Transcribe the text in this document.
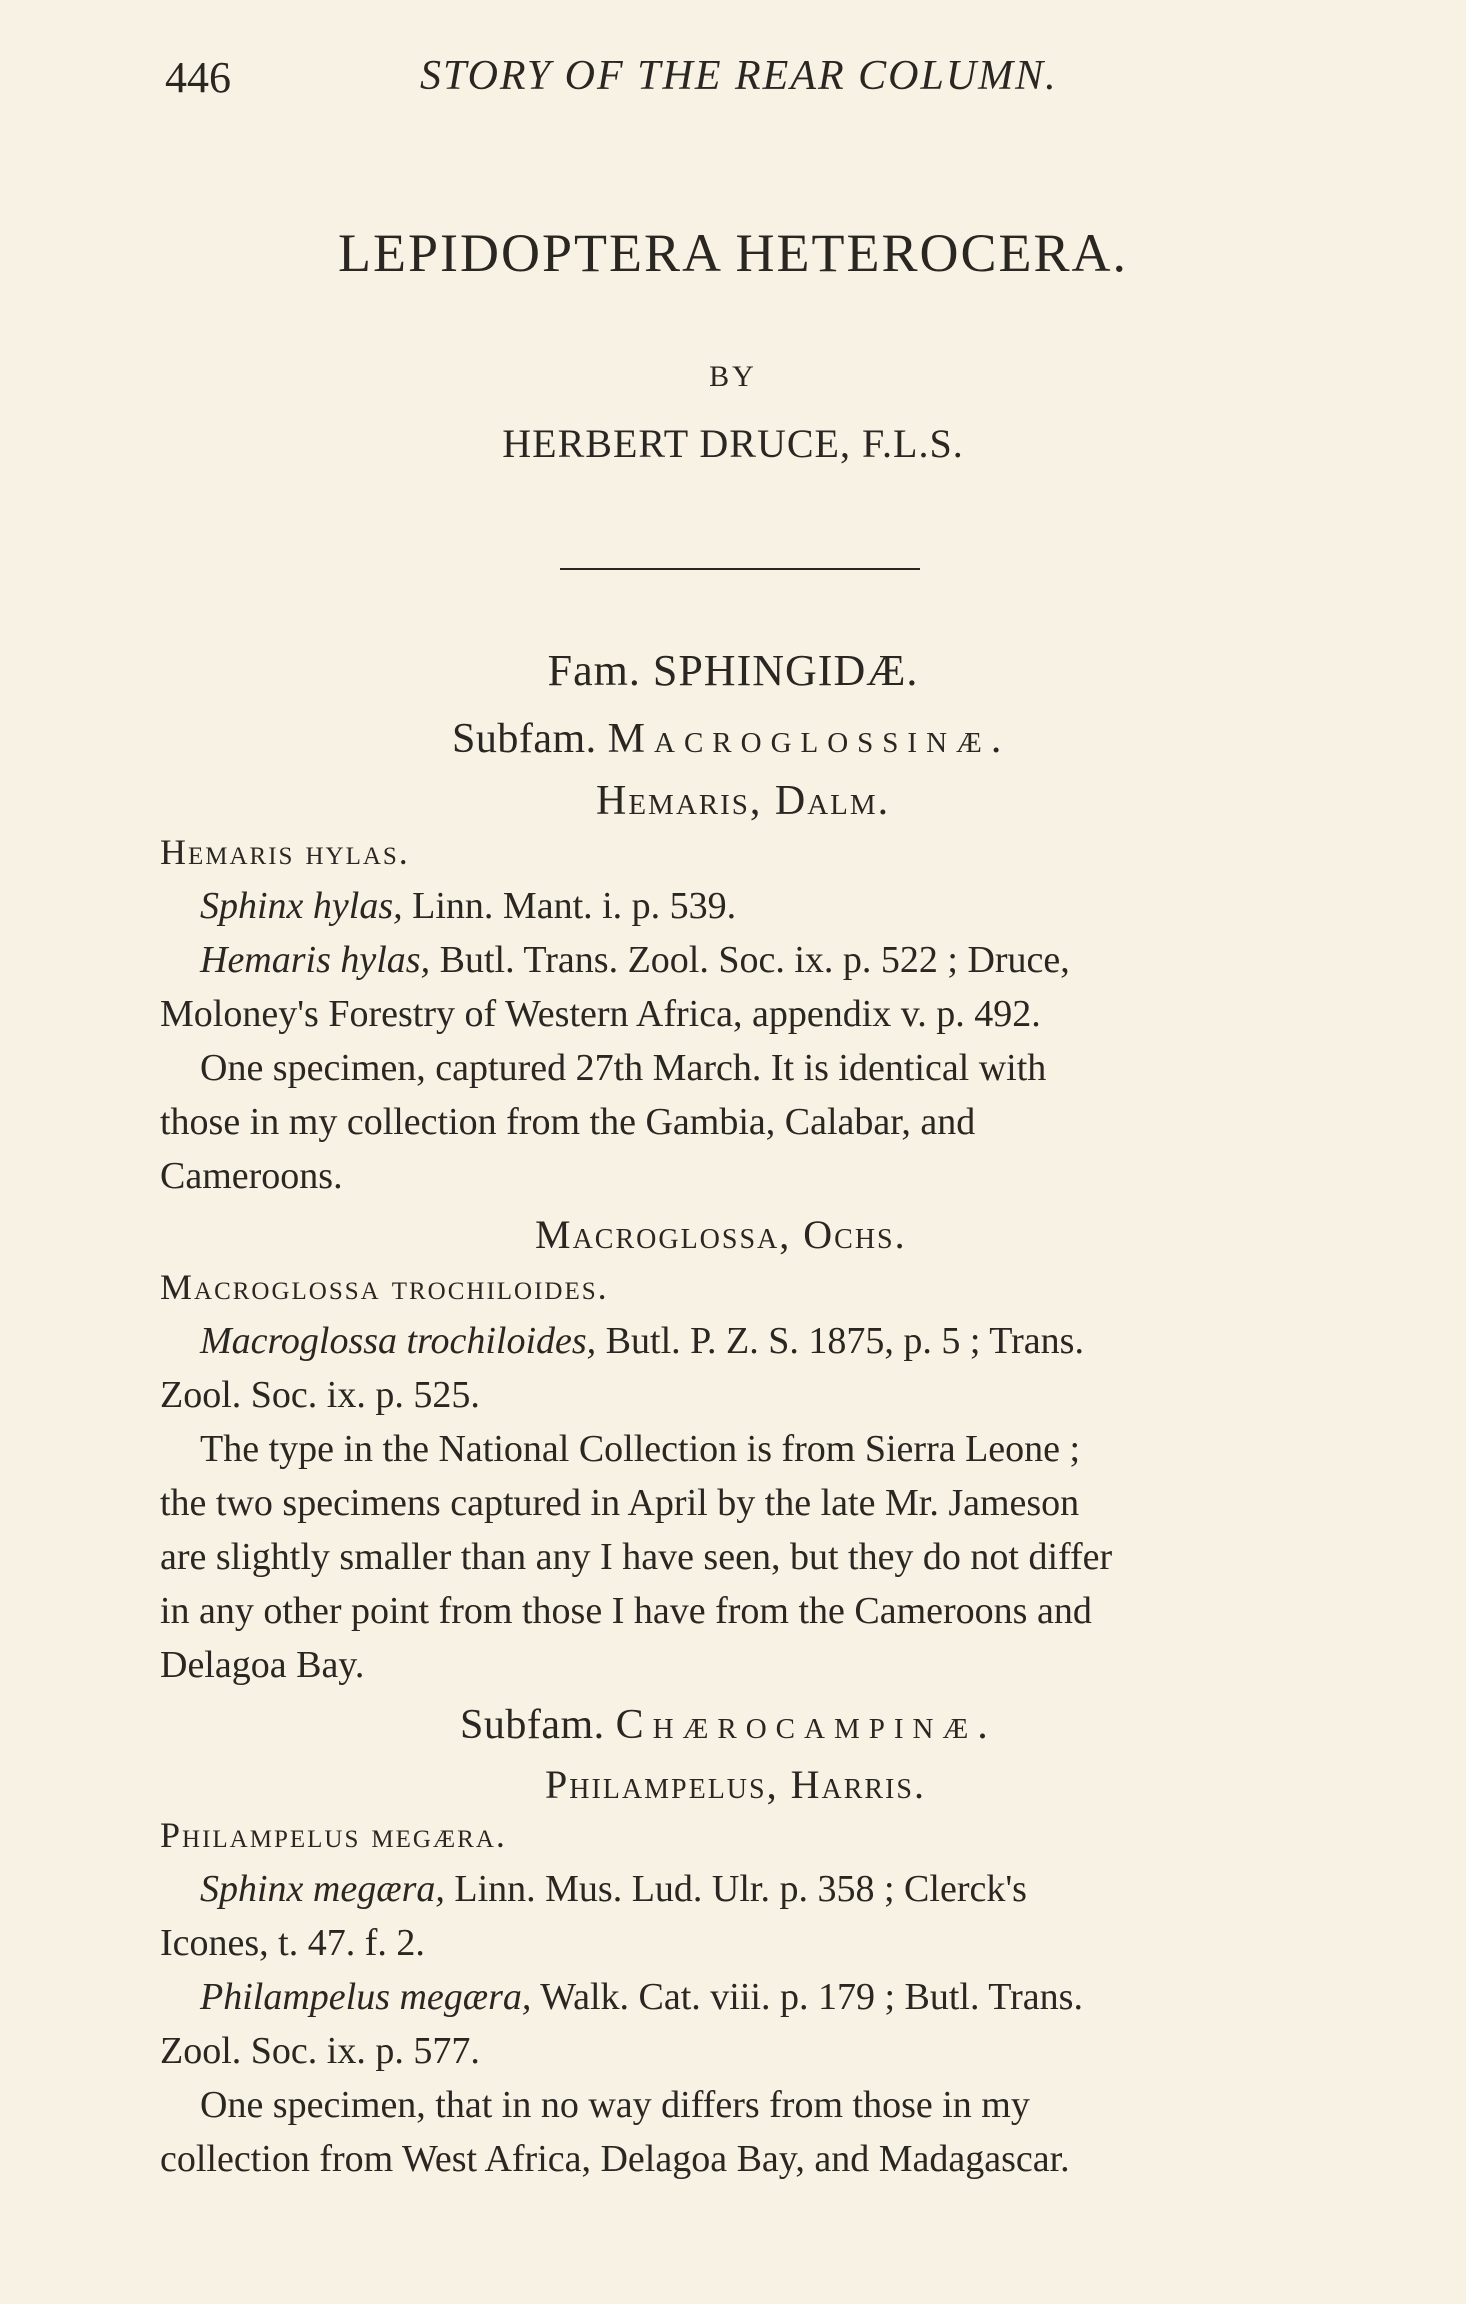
446	STORY OF THE REAR COLUMN.
LEPIDOPTERA HETEROCERA.
BY
HERBERT DRUCE, F.L.S.
Fam. SPHINGIDÆ.
Subfam. Macroglossinæ.
Hemaris, Dalm.
Hemaris hylas.
Sphinx hylas, Linn. Mant. i. p. 539.
Hemaris hylas, Butl. Trans. Zool. Soc. ix. p. 522 ; Druce,
Moloney's Forestry of Western Africa, appendix v. p. 492.
One specimen, captured 27th March. It is identical with
those in my collection from the Gambia, Calabar, and
Cameroons.
Macroglossa, Ochs.
Macroglossa trochiloides.
Macroglossa trochiloides, Butl. P. Z. S. 1875, p. 5 ; Trans.
Zool. Soc. ix. p. 525.
The type in the National Collection is from Sierra Leone ;
the two specimens captured in April by the late Mr. Jameson
are slightly smaller than any I have seen, but they do not differ
in any other point from those I have from the Cameroons and
Delagoa Bay.
Subfam. Chærocampinæ.
Philampelus, Harris.
Philampelus megæra.
Sphinx megæra, Linn. Mus. Lud. Ulr. p. 358 ; Clerck's
Icones, t. 47. f. 2.
Philampelus megæra, Walk. Cat. viii. p. 179 ; Butl. Trans.
Zool. Soc. ix. p. 577.
One specimen, that in no way differs from those in my
collection from West Africa, Delagoa Bay, and Madagascar.
